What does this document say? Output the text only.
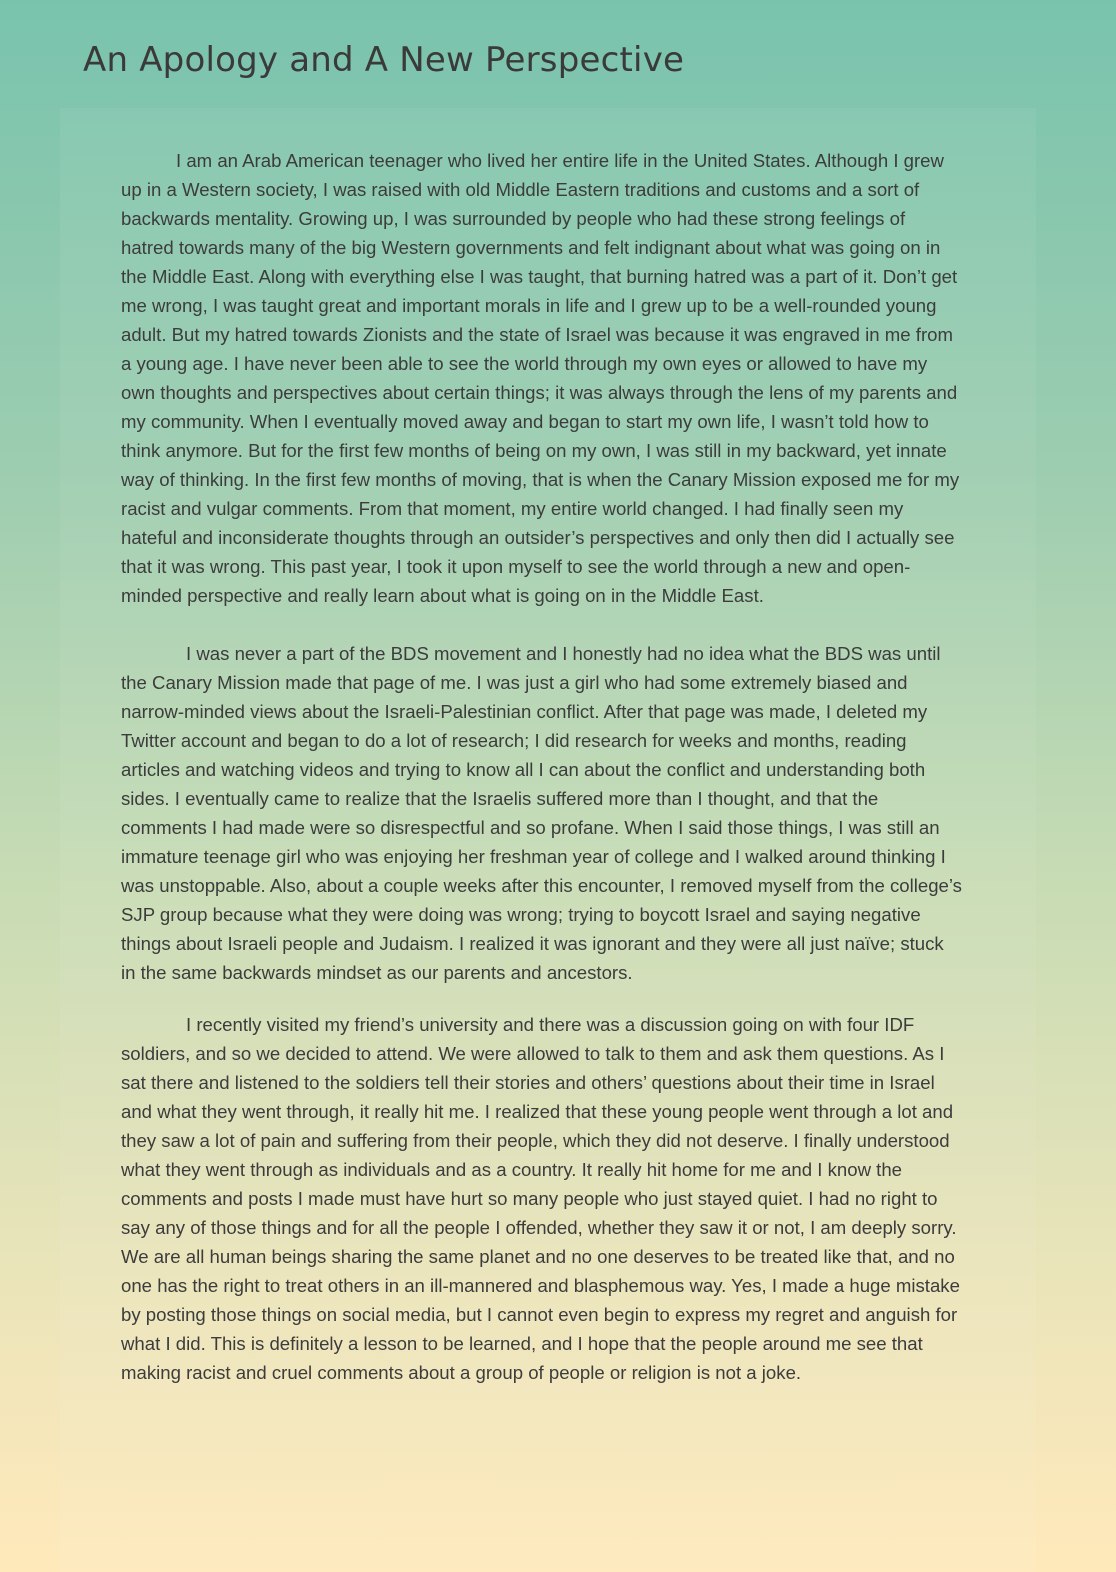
An Apology and A New Perspective

I am an Arab American teenager who lived her entire life in the United States. Although I grew up in a Western society, I was raised with old Middle Eastern traditions and customs and a sort of backwards mentality. Growing up, I was surrounded by people who had these strong feelings of hatred towards many of the big Western governments and felt indignant about what was going on in the Middle East. Along with everything else I was taught, that burning hatred was a part of it. Don’t get me wrong, I was taught great and important morals in life and I grew up to be a well-rounded young adult. But my hatred towards Zionists and the state of Israel was because it was engraved in me from a young age. I have never been able to see the world through my own eyes or allowed to have my own thoughts and perspectives about certain things; it was always through the lens of my parents and my community. When I eventually moved away and began to start my own life, I wasn’t told how to think anymore. But for the first few months of being on my own, I was still in my backward, yet innate way of thinking. In the first few months of moving, that is when the Canary Mission exposed me for my racist and vulgar comments. From that moment, my entire world changed. I had finally seen my hateful and inconsiderate thoughts through an outsider’s perspectives and only then did I actually see that it was wrong. This past year, I took it upon myself to see the world through a new and open-minded perspective and really learn about what is going on in the Middle East.

I was never a part of the BDS movement and I honestly had no idea what the BDS was until the Canary Mission made that page of me. I was just a girl who had some extremely biased and narrow-minded views about the Israeli-Palestinian conflict. After that page was made, I deleted my Twitter account and began to do a lot of research; I did research for weeks and months, reading articles and watching videos and trying to know all I can about the conflict and understanding both sides. I eventually came to realize that the Israelis suffered more than I thought, and that the comments I had made were so disrespectful and so profane. When I said those things, I was still an immature teenage girl who was enjoying her freshman year of college and I walked around thinking I was unstoppable. Also, about a couple weeks after this encounter, I removed myself from the college’s SJP group because what they were doing was wrong; trying to boycott Israel and saying negative things about Israeli people and Judaism. I realized it was ignorant and they were all just naïve; stuck in the same backwards mindset as our parents and ancestors.

I recently visited my friend’s university and there was a discussion going on with four IDF soldiers, and so we decided to attend. We were allowed to talk to them and ask them questions. As I sat there and listened to the soldiers tell their stories and others’ questions about their time in Israel and what they went through, it really hit me. I realized that these young people went through a lot and they saw a lot of pain and suffering from their people, which they did not deserve. I finally understood what they went through as individuals and as a country. It really hit home for me and I know the comments and posts I made must have hurt so many people who just stayed quiet. I had no right to say any of those things and for all the people I offended, whether they saw it or not, I am deeply sorry. We are all human beings sharing the same planet and no one deserves to be treated like that, and no one has the right to treat others in an ill-mannered and blasphemous way. Yes, I made a huge mistake by posting those things on social media, but I cannot even begin to express my regret and anguish for what I did. This is definitely a lesson to be learned, and I hope that the people around me see that making racist and cruel comments about a group of people or religion is not a joke.
